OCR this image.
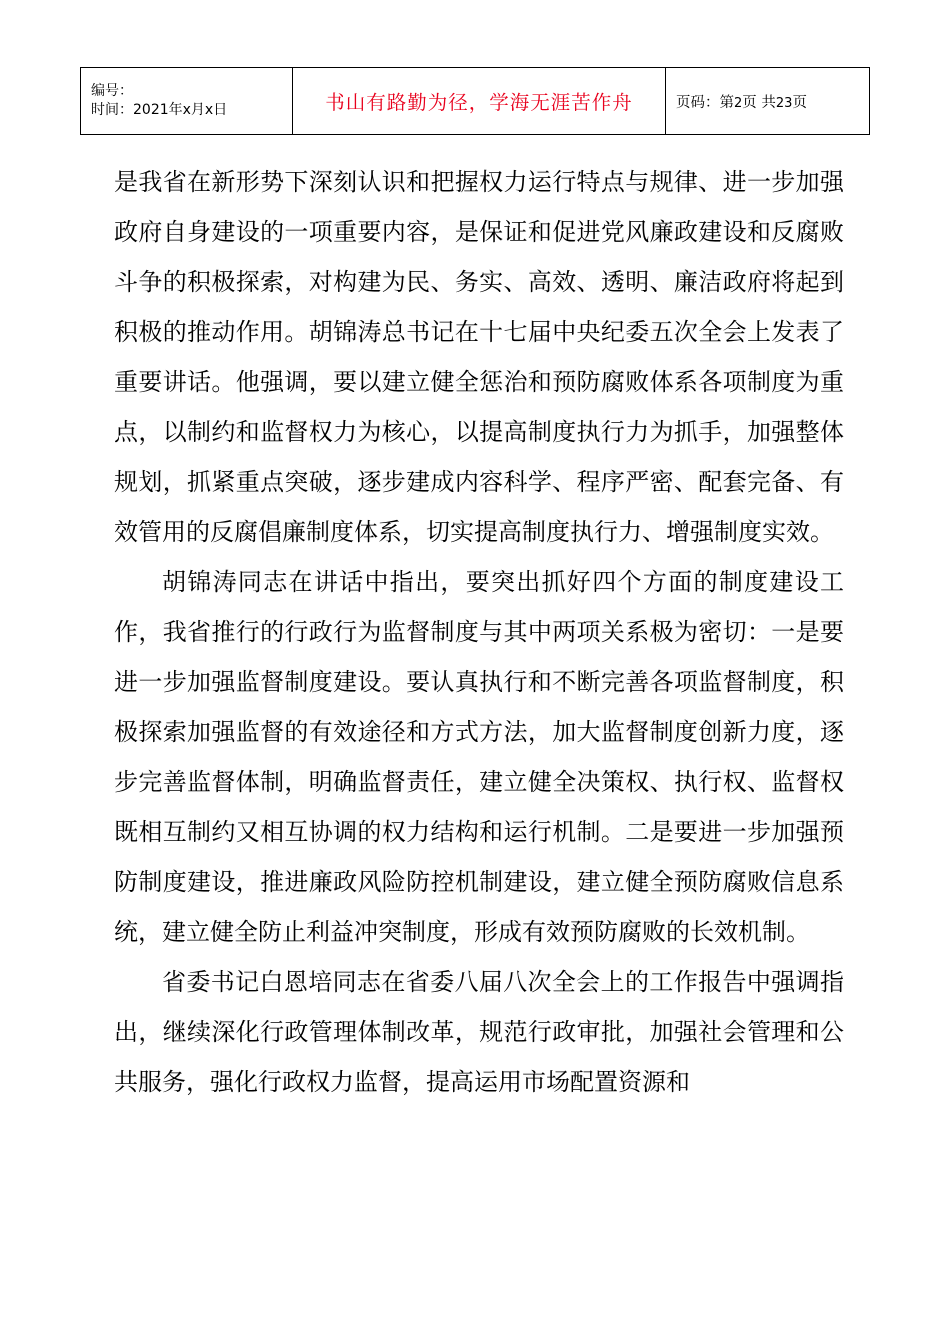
编号：
时间：2021年x月x日	书山有路勤为径，学海无涯苦作舟	页码：第2页 共23页

是我省在新形势下深刻认识和把握权力运行特点与规律、进一步加强政府自身建设的一项重要内容，是保证和促进党风廉政建设和反腐败斗争的积极探索，对构建为民、务实、高效、透明、廉洁政府将起到积极的推动作用。胡锦涛总书记在十七届中央纪委五次全会上发表了重要讲话。他强调，要以建立健全惩治和预防腐败体系各项制度为重点，以制约和监督权力为核心，以提高制度执行力为抓手，加强整体规划，抓紧重点突破，逐步建成内容科学、程序严密、配套完备、有效管用的反腐倡廉制度体系，切实提高制度执行力、增强制度实效。

胡锦涛同志在讲话中指出，要突出抓好四个方面的制度建设工作，我省推行的行政行为监督制度与其中两项关系极为密切：一是要进一步加强监督制度建设。要认真执行和不断完善各项监督制度，积极探索加强监督的有效途径和方式方法，加大监督制度创新力度，逐步完善监督体制，明确监督责任，建立健全决策权、执行权、监督权既相互制约又相互协调的权力结构和运行机制。二是要进一步加强预防制度建设，推进廉政风险防控机制建设，建立健全预防腐败信息系统，建立健全防止利益冲突制度，形成有效预防腐败的长效机制。

省委书记白恩培同志在省委八届八次全会上的工作报告中强调指出，继续深化行政管理体制改革，规范行政审批，加强社会管理和公共服务，强化行政权力监督，提高运用市场配置资源和
